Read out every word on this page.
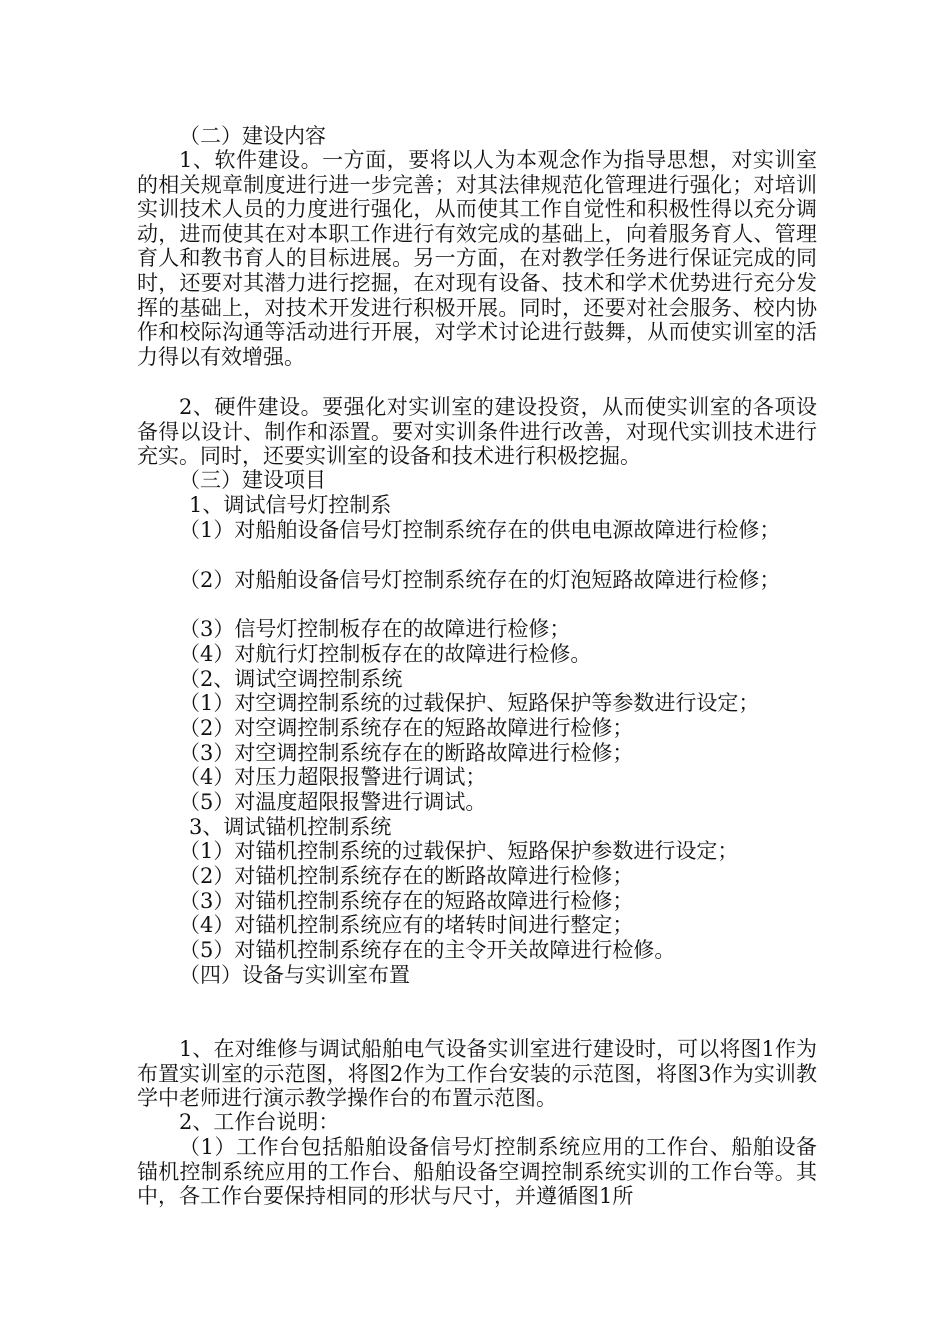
（二）建设内容

1、软件建设。一方面，要将以人为本观念作为指导思想，对实训室的相关规章制度进行进一步完善；对其法律规范化管理进行强化；对培训实训技术人员的力度进行强化，从而使其工作自觉性和积极性得以充分调动，进而使其在对本职工作进行有效完成的基础上，向着服务育人、管理育人和教书育人的目标进展。另一方面，在对教学任务进行保证完成的同时，还要对其潜力进行挖掘，在对现有设备、技术和学术优势进行充分发挥的基础上，对技术开发进行积极开展。同时，还要对社会服务、校内协作和校际沟通等活动进行开展，对学术讨论进行鼓舞，从而使实训室的活力得以有效增强。

2、硬件建设。要强化对实训室的建设投资，从而使实训室的各项设备得以设计、制作和添置。要对实训条件进行改善，对现代实训技术进行充实。同时，还要实训室的设备和技术进行积极挖掘。

（三）建设项目
1、调试信号灯控制系
（1）对船舶设备信号灯控制系统存在的供电电源故障进行检修；
（2）对船舶设备信号灯控制系统存在的灯泡短路故障进行检修；
（3）信号灯控制板存在的故障进行检修；
（4）对航行灯控制板存在的故障进行检修。
（2、调试空调控制系统
（1）对空调控制系统的过载保护、短路保护等参数进行设定；
（2）对空调控制系统存在的短路故障进行检修；
（3）对空调控制系统存在的断路故障进行检修；
（4）对压力超限报警进行调试；
（5）对温度超限报警进行调试。
3、调试锚机控制系统
（1）对锚机控制系统的过载保护、短路保护参数进行设定；
（2）对锚机控制系统存在的断路故障进行检修；
（3）对锚机控制系统存在的短路故障进行检修；
（4）对锚机控制系统应有的堵转时间进行整定；
（5）对锚机控制系统存在的主令开关故障进行检修。
（四）设备与实训室布置

1、在对维修与调试船舶电气设备实训室进行建设时，可以将图1作为布置实训室的示范图，将图2作为工作台安装的示范图，将图3作为实训教学中老师进行演示教学操作台的布置示范图。

2、工作台说明：

（1）工作台包括船舶设备信号灯控制系统应用的工作台、船舶设备锚机控制系统应用的工作台、船舶设备空调控制系统实训的工作台等。其中，各工作台要保持相同的形状与尺寸，并遵循图1所
